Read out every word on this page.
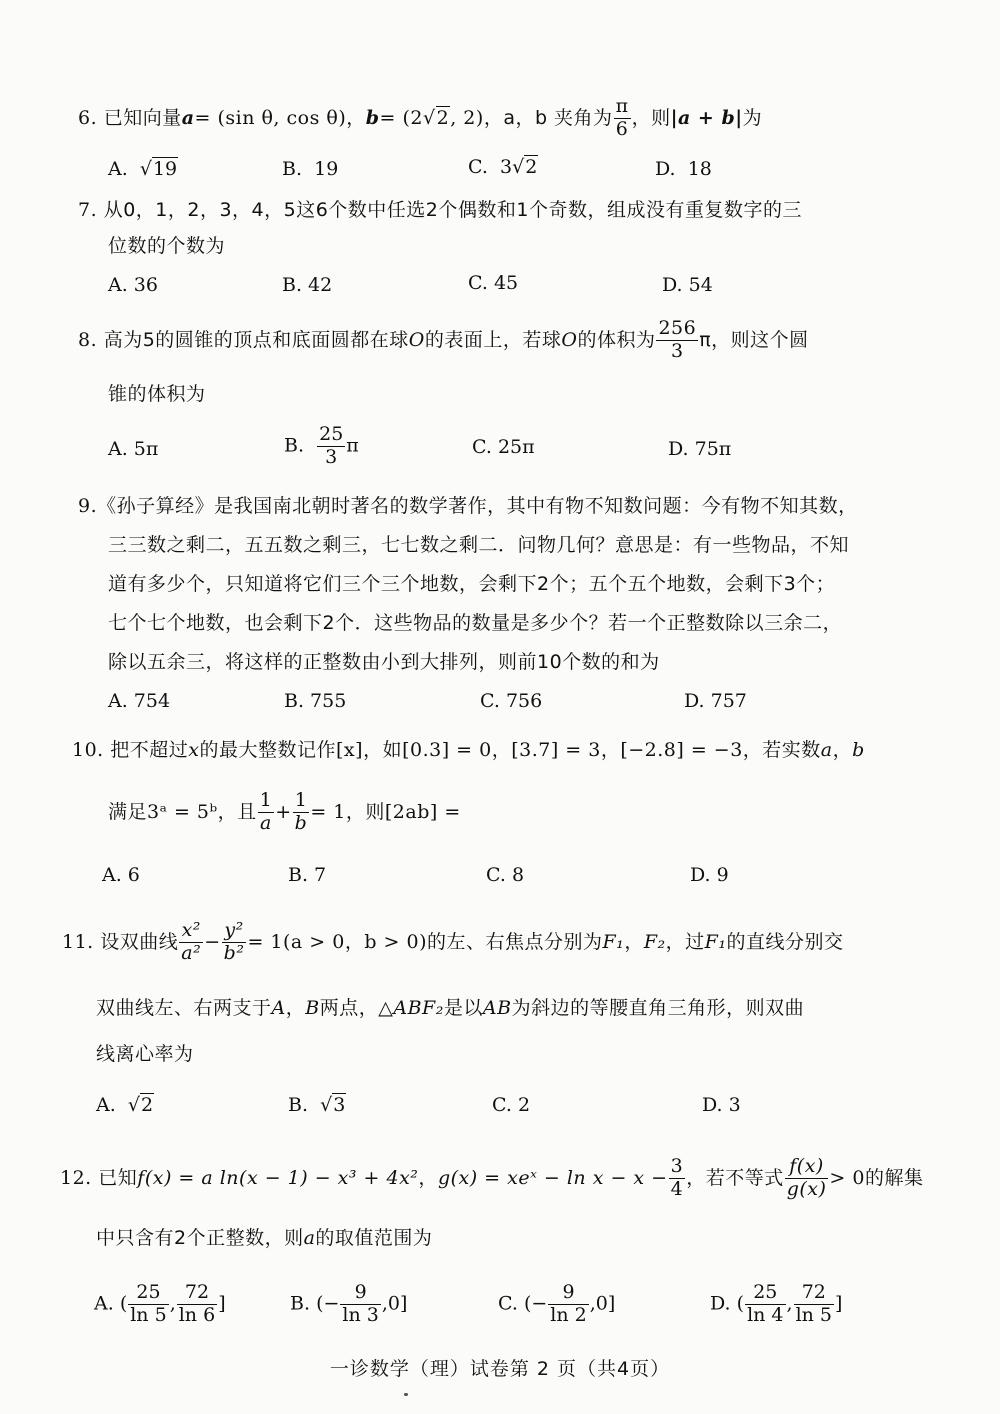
6. 已知向量a= (sin θ, cos θ)，b= (2√2, 2)，a，b 夹角为 $\frac{\pi}{6}$ ，则|a + b|为
A. √19	B. 19	C. 3√2	D. 18
7. 从0，1，2，3，4，5这6个数中任选2个偶数和1个奇数，组成没有重复数字的三
位数的个数为
A. 36	B. 42	C. 45	D. 54
8. 高为5的圆锥的顶点和底面圆都在球O的表面上，若球O的体积为 $\frac{256}{3}$ π，则这个圆
锥的体积为
A. 5π	B. $\frac{25}{3}$ π	C. 25π	D. 75π
9.《孙子算经》是我国南北朝时著名的数学著作，其中有物不知数问题：今有物不知其数，
三三数之剩二，五五数之剩三，七七数之剩二．问物几何？意思是：有一些物品，不知
道有多少个，只知道将它们三个三个地数，会剩下2个；五个五个地数，会剩下3个；
七个七个地数，也会剩下2个．这些物品的数量是多少个？若一个正整数除以三余二，
除以五余三，将这样的正整数由小到大排列，则前10个数的和为
A. 754	B. 755	C. 756	D. 757
10. 把不超过x的最大整数记作[x]，如[0.3] = 0，[3.7] = 3，[−2.8] = −3，若实数a，b
满足3ᵃ = 5ᵇ，且 $\frac{1}{a} + \frac{1}{b} = 1$，则[2ab] =
A. 6	B. 7	C. 8	D. 9
11. 设双曲线 $\frac{\text{x²}}{\text{a²}} - \frac{\text{y²}}{\text{b²}} = 1(a > 0$，b > 0)的左、右焦点分别为F₁，F₂，过F₁的直线分别交
双曲线左、右两支于A，B两点，△ABF₂是以AB为斜边的等腰直角三角形，则双曲
线离心率为
A. √2	B. √3	C. 2	D. 3
12. 已知f(x) = a ln(x − 1) − x³ + 4x²，g(x) = xeˣ − $\ln x - x - \frac{3}{4}$ ，若不等式 $\frac{f(x)}{g(x)} > 0$的解集
中只含有2个正整数，则a的取值范围为
A. ( $\frac{25}{\ln 5}$ , $\frac{72}{\ln 6}$ ]	B. (− $\frac{9}{\ln 3} ,0$]	C. (− $\frac{9}{\ln 2} ,0$]	D. ( $\frac{25}{\ln 4}$ , $\frac{72}{\ln 5}$ ]
一诊数学（理）试卷第 2 页（共4页）
